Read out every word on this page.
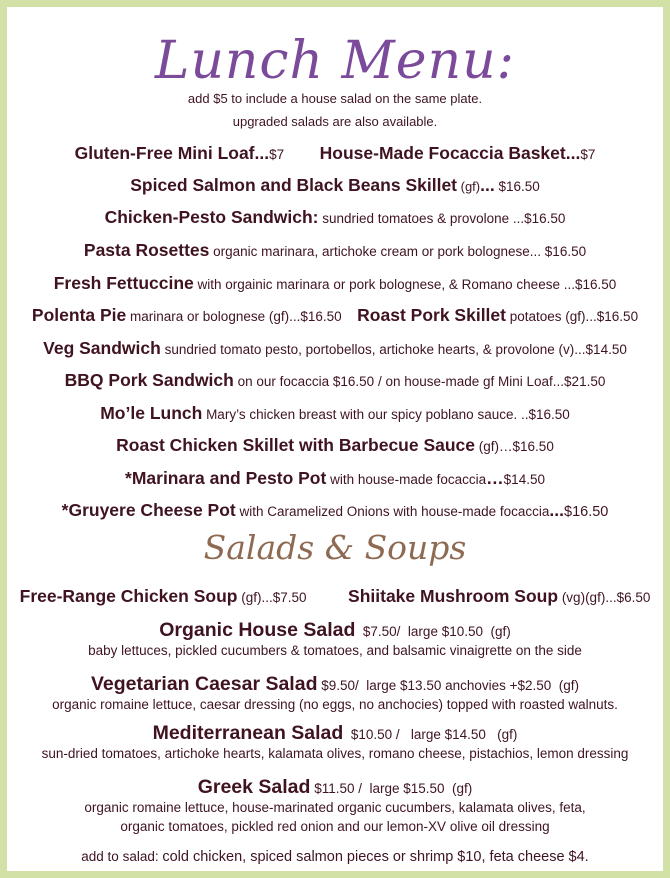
Lunch Menu:
add $5 to include a house salad on the same plate.
upgraded salads are also available.
Gluten-Free Mini Loaf...$7 House-Made Focaccia Basket...$7
Spiced Salmon and Black Beans Skillet (gf)... $16.50
Chicken-Pesto Sandwich: sundried tomatoes & provolone ...$16.50
Pasta Rosettes organic marinara, artichoke cream or pork bolognese... $16.50
Fresh Fettuccine with orgainic marinara or pork bolognese, & Romano cheese ...$16.50
Polenta Pie marinara or bolognese (gf)...$16.50 Roast Pork Skillet potatoes (gf)...$16.50
Veg Sandwich sundried tomato pesto, portobellos, artichoke hearts, & provolone (v)...$14.50
BBQ Pork Sandwich on our focaccia $16.50 / on house-made gf Mini Loaf...$21.50
Mo’le Lunch Mary’s chicken breast with our spicy poblano sauce. ..$16.50
Roast Chicken Skillet with Barbecue Sauce (gf)…$16.50
*Marinara and Pesto Pot with house-made focaccia…$14.50
*Gruyere Cheese Pot with Caramelized Onions with house-made focaccia...$16.50
Salads & Soups
Free-Range Chicken Soup (gf)...$7.50 Shiitake Mushroom Soup (vg)(gf)...$6.50
Organic House Salad  $7.50/  large $10.50  (gf)
baby lettuces, pickled cucumbers & tomatoes, and balsamic vinaigrette on the side
Vegetarian Caesar Salad $9.50/  large $13.50 anchovies +$2.50  (gf)
organic romaine lettuce, caesar dressing (no eggs, no anchocies) topped with roasted walnuts.
Mediterranean Salad  $10.50 /   large $14.50   (gf)
sun-dried tomatoes, artichoke hearts, kalamata olives, romano cheese, pistachios, lemon dressing
Greek Salad $11.50 /  large $15.50  (gf)
organic romaine lettuce, house-marinated organic cucumbers, kalamata olives, feta,
organic tomatoes, pickled red onion and our lemon-XV olive oil dressing
add to salad: cold chicken, spiced salmon pieces or shrimp $10, feta cheese $4.
